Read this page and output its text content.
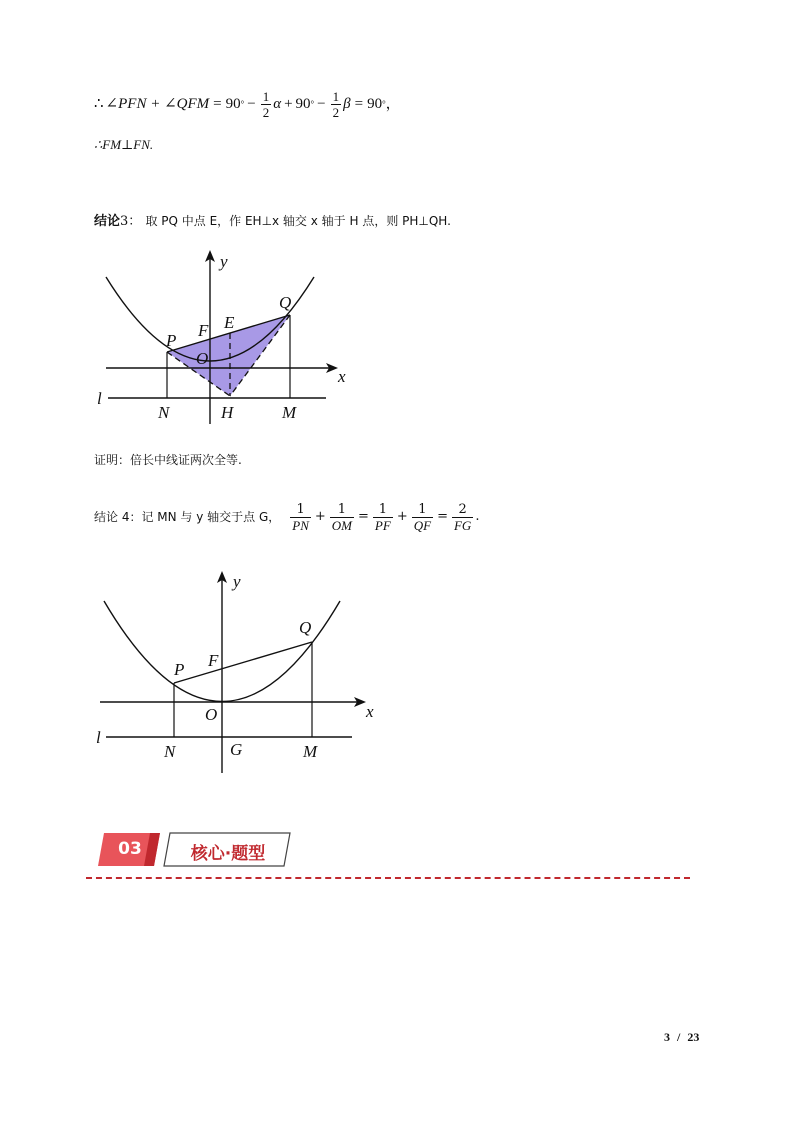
∴ ∠PFN + ∠QFM = 90 ° − $\frac{1}{2}$ α + 90 ° − $\frac{1}{2}$ β = 90 ° ，
∴FM⊥FN.
结论3： 取 PQ 中点 E，作 EH⊥x 轴交 x 轴于 H 点，则 PH⊥QH.
y
x
O
P
Q
F E
l
N	H	M
证明：倍长中线证两次全等.
结论 4： 记 MN 与 y 轴交于点 G， $\frac{1}{PN} + \frac{1}{OM} = \frac{1}{PF} + \frac{1}{QF} = \frac{2}{FG}$ .
y
x
O
P
Q
F
l
N	G	M
03	核心·题型
3 / 23
